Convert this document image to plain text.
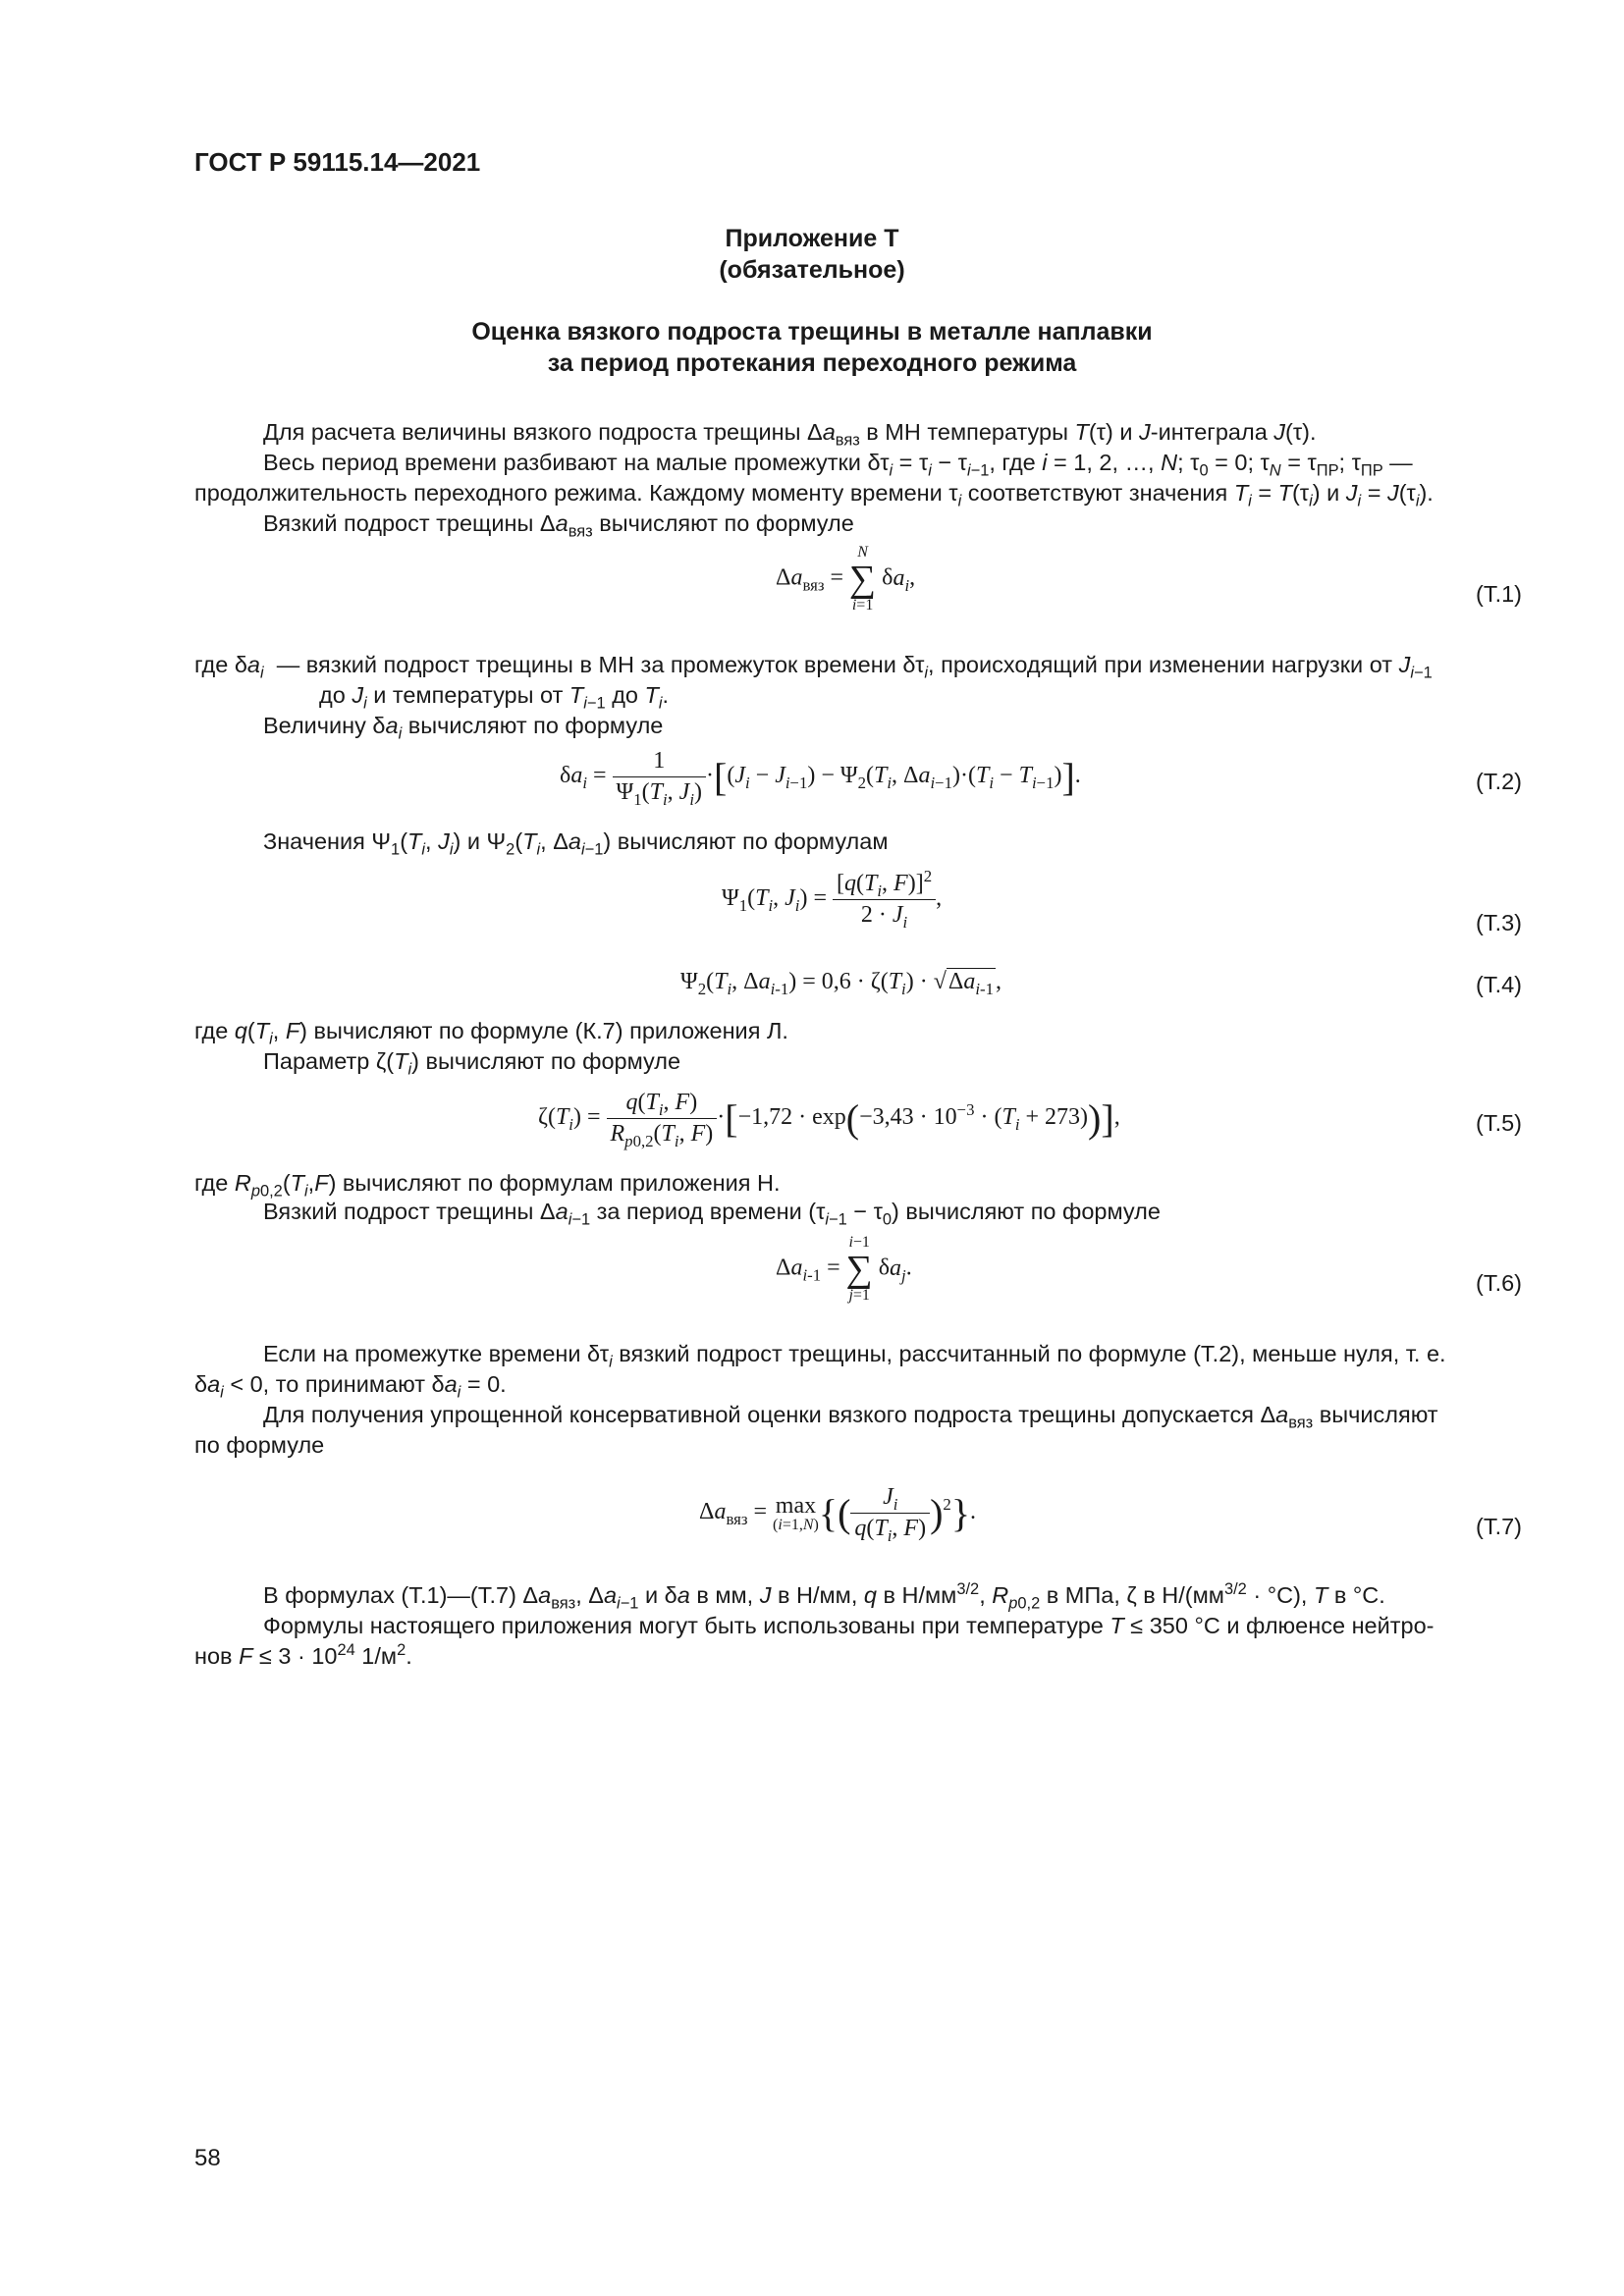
ГОСТ Р 59115.14—2021
Приложение Т
(обязательное)
Оценка вязкого подроста трещины в металле наплавки
за период протекания переходного режима
Для расчета величины вязкого подроста трещины $\Delta a_{вяз}$ в МН температуры T(τ) и J-интеграла J(τ).
Весь период времени разбивают на малые промежутки $\delta\tau_i = \tau_i - \tau_{i-1}$, где i = 1, 2, …, N; $\tau_0 = 0$; $\tau_N = \tau_{ПР}$; $\tau_{ПР}$ —
продолжительность переходного режима. Каждому моменту времени $\tau_i$ соответствуют значения $T_i = T(\tau_i)$ и $J_i = J(\tau_i)$.
Вязкий подрост трещины $\Delta a_{вяз}$ вычисляют по формуле
$\Delta a_{вяз}$ =
N
∑
i=1
$\delta a_i$,
(Т.1)
где $\delta a_i$  — вязкий подрост трещины в МН за промежуток времени $\delta\tau_i$, происходящий при изменении нагрузки от $J_{i-1}$
до $J_i$ и температуры от $T_{i-1}$ до $T_i$.
Величину $\delta a_i$ вычисляют по формуле
$\delta a_i = \frac{1}{\Psi_1(T_i, J_i)} \cdot[(J_i - J_{i-1}) - \Psi_2(T_i$, $\Delta a_{i-1})\cdot(T_i - T_{i-1})$].	(Т.2)
Значения $\Psi_1(T_i$, $J_i$) и $\Psi_2(T_i$, $\Delta a_{i-1}$) вычисляют по формулам
$\Psi_1(T_i$, $J_i) = \frac{[q(T_i, F)]^2}{2 \cdot J_i}$ ,
(Т.3)
$\Psi_2(T_i$, $\Delta a_{i-1}) = 0,6 \cdot \zeta(T_i) \cdot √\Delta a_{i-1}$,	(Т.4)
где $q(T_i$, F) вычисляют по формуле (К.7) приложения Л.
Параметр $\zeta(T_i)$ вычисляют по формуле
$\zeta(T_i) = \frac{q(T_i, F)}{R_{p0,2}(T_i, F)} \cdot[-1,72 \cdot \exp(-3,43 \cdot 10^{-3} \cdot (T_i + 273))]$,	(Т.5)
где $R_{p0,2}(T_i,F)$ вычисляют по формулам приложения Н.
Вязкий подрост трещины $\Delta a_{i-1}$ за период времени $(\tau_{i-1} - \tau_0)$ вычисляют по формуле
$\Delta a_{i-1}$ =
i−1
∑
j=1
$\delta a_j$.
(Т.6)
Если на промежутке времени $\delta\tau_i$ вязкий подрост трещины, рассчитанный по формуле (Т.2), меньше нуля, т. е.
$\delta a_i < 0$, то принимают $\delta a_i = 0$.
Для получения упрощенной консервативной оценки вязкого подроста трещины допускается $\Delta a_{вяз}$ вычисляют
по формуле
$\Delta a_{вяз} = \max$
(i=1,N) {( $\frac{J_i}{q(T_i, F)} )^2$}.
(Т.7)
В формулах (Т.1)—(Т.7) $\Delta a_{вяз}$, $\Delta a_{i-1}$ и δa в мм, J в Н/мм, q в $Н/мм^{3/2}$, $R_{p0,2}$ в МПа, ζ в $Н/(мм^{3/2} \cdot ^\circ С)$, T в °С.
Формулы настоящего приложения могут быть использованы при температуре T ≤ 350 °С и флюенсе нейтро-
нов $F \le 3 \cdot 10^{24}$ $1/м^2$.
58
